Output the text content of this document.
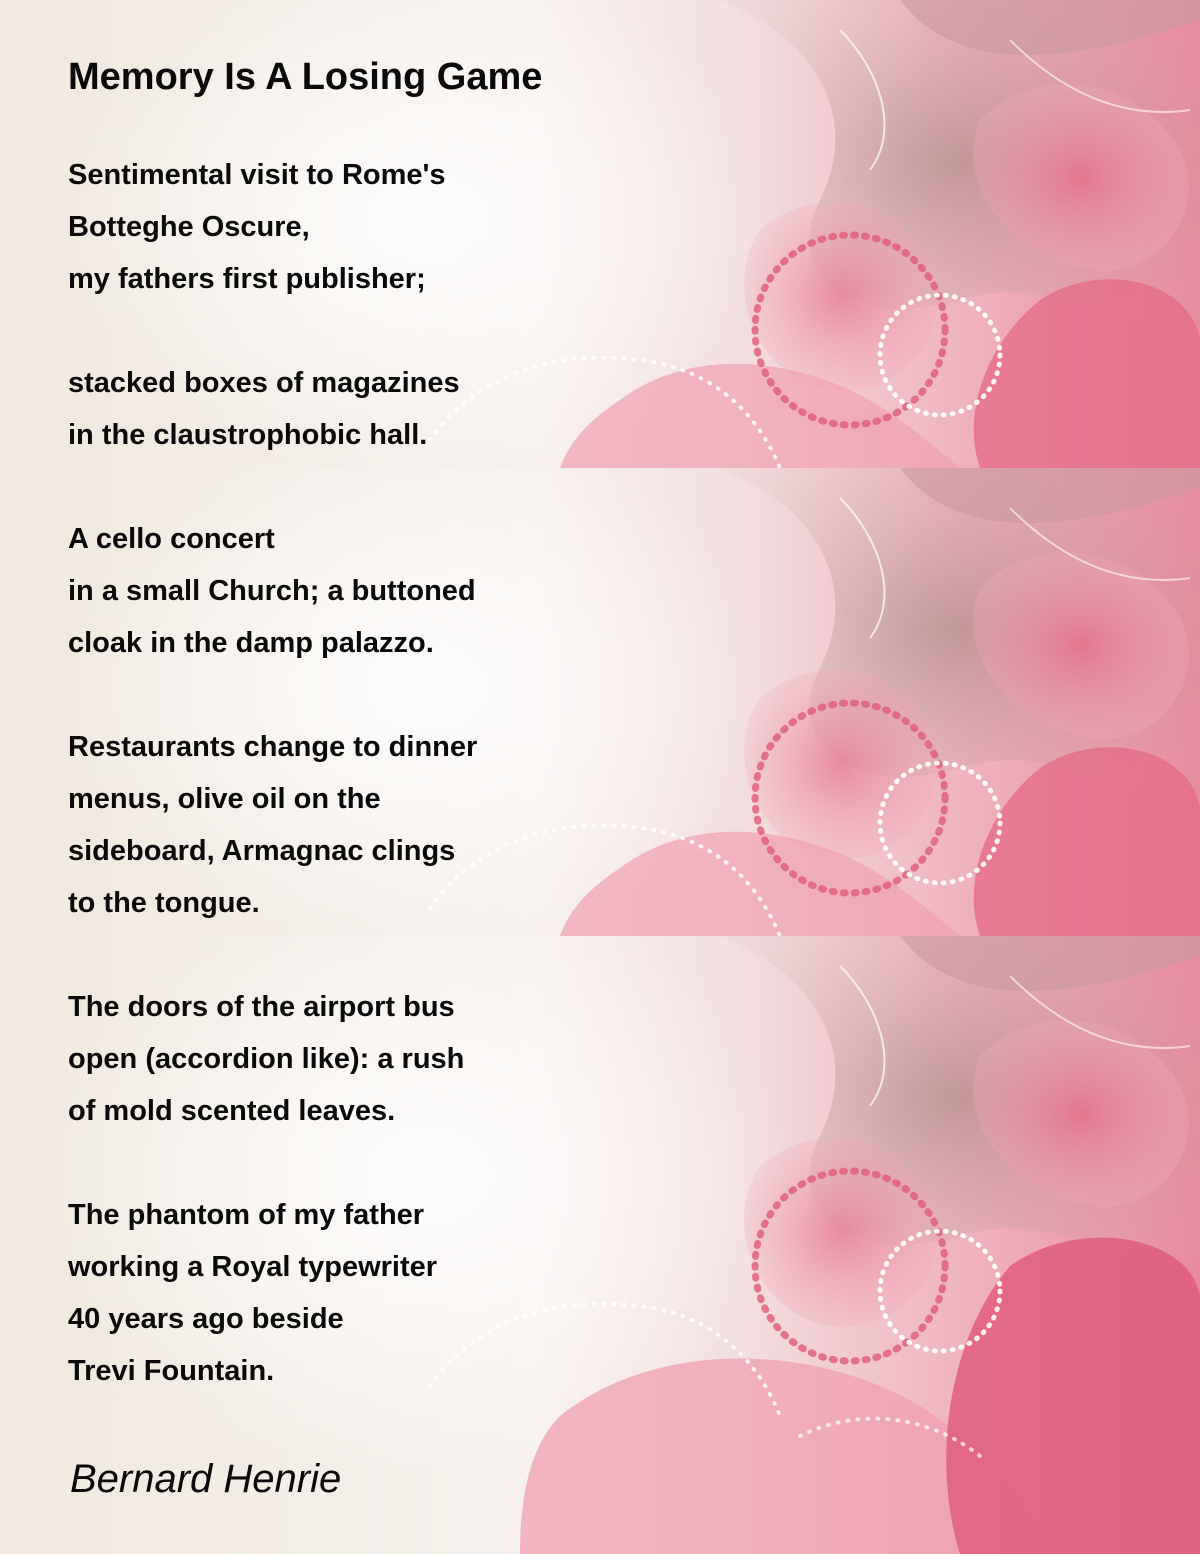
Memory Is A Losing Game
Sentimental visit to Rome's
Botteghe Oscure,
my fathers first publisher;
stacked boxes of magazines
in the claustrophobic hall.
A cello concert
in a small Church; a buttoned
cloak in the damp palazzo.
Restaurants change to dinner
menus, olive oil on the
sideboard, Armagnac clings
to the tongue.
The doors of the airport bus
open (accordion like): a rush
of mold scented leaves.
The phantom of my father
working a Royal typewriter
40 years ago beside
Trevi Fountain.
Bernard Henrie
